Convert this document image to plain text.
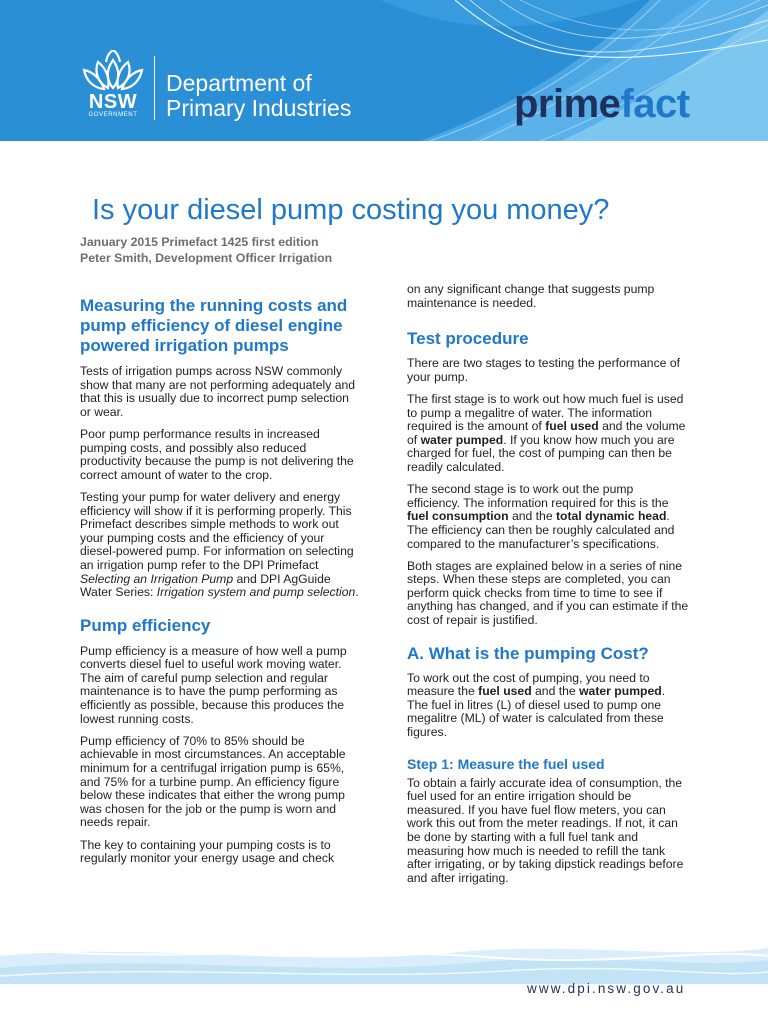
NSW
GOVERNMENT
Department of
Primary Industries	primefact
Is your diesel pump costing you money?
January 2015 Primefact 1425 first edition
Peter Smith, Development Officer Irrigation
Measuring the running costs and pump efficiency of diesel engine powered irrigation pumps

Tests of irrigation pumps across NSW commonly show that many are not performing adequately and that this is usually due to incorrect pump selection or wear.

Poor pump performance results in increased pumping costs, and possibly also reduced productivity because the pump is not delivering the correct amount of water to the crop.

Testing your pump for water delivery and energy efficiency will show if it is performing properly. This Primefact describes simple methods to work out your pumping costs and the efficiency of your diesel-powered pump. For information on selecting an irrigation pump refer to the DPI Primefact Selecting an Irrigation Pump and DPI AgGuide Water Series: Irrigation system and pump selection.

Pump efficiency

Pump efficiency is a measure of how well a pump converts diesel fuel to useful work moving water. The aim of careful pump selection and regular maintenance is to have the pump performing as efficiently as possible, because this produces the lowest running costs.

Pump efficiency of 70% to 85% should be achievable in most circumstances. An acceptable minimum for a centrifugal irrigation pump is 65%, and 75% for a turbine pump. An efficiency figure below these indicates that either the wrong pump was chosen for the job or the pump is worn and needs repair.

The key to containing your pumping costs is to regularly monitor your energy usage and check

on any significant change that suggests pump maintenance is needed.

Test procedure

There are two stages to testing the performance of your pump.

The first stage is to work out how much fuel is used to pump a megalitre of water. The information required is the amount of fuel used and the volume of water pumped. If you know how much you are charged for fuel, the cost of pumping can then be readily calculated.

The second stage is to work out the pump efficiency. The information required for this is the fuel consumption and the total dynamic head. The efficiency can then be roughly calculated and compared to the manufacturer’s specifications.

Both stages are explained below in a series of nine steps. When these steps are completed, you can perform quick checks from time to time to see if anything has changed, and if you can estimate if the cost of repair is justified.

A. What is the pumping Cost?

To work out the cost of pumping, you need to measure the fuel used and the water pumped. The fuel in litres (L) of diesel used to pump one megalitre (ML) of water is calculated from these figures.

Step 1: Measure the fuel used

To obtain a fairly accurate idea of consumption, the fuel used for an entire irrigation should be measured. If you have fuel flow meters, you can work this out from the meter readings. If not, it can be done by starting with a full fuel tank and measuring how much is needed to refill the tank after irrigating, or by taking dipstick readings before and after irrigating.

www.dpi.nsw.gov.au
